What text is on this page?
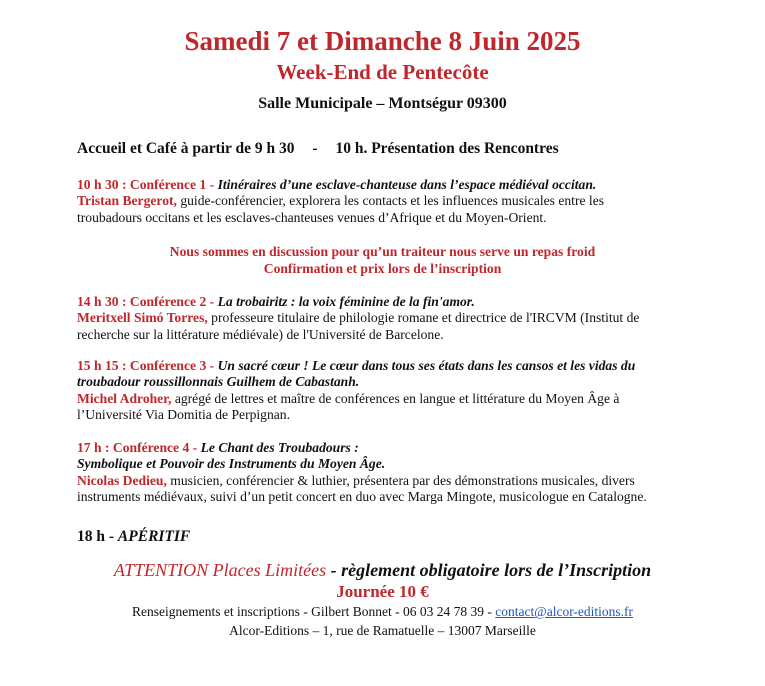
Samedi 7 et Dimanche 8 Juin 2025
Week-End de Pentecôte
Salle Municipale – Montségur 09300
Accueil et Café à partir de 9 h 30 - 10 h. Présentation des Rencontres
10 h 30 : Conférence 1 - Itinéraires d’une esclave-chanteuse dans l’espace médiéval occitan.
Tristan Bergerot, guide-conférencier, explorera les contacts et les influences musicales entre les
troubadours occitans et les esclaves-chanteuses venues d’Afrique et du Moyen-Orient.
Nous sommes en discussion pour qu’un traiteur nous serve un repas froid
Confirmation et prix lors de l’inscription
14 h 30 : Conférence 2 - La trobairitz : la voix féminine de la fin'amor.
Meritxell Simó Torres, professeure titulaire de philologie romane et directrice de l'IRCVM (Institut de
recherche sur la littérature médiévale) de l'Université de Barcelone.
15 h 15 : Conférence 3 - Un sacré cœur ! Le cœur dans tous ses états dans les cansos et les vidas du
troubadour roussillonnais Guilhem de Cabastanh.
Michel Adroher, agrégé de lettres et maître de conférences en langue et littérature du Moyen Âge à
l’Université Via Domitia de Perpignan.
17 h : Conférence 4 - Le Chant des Troubadours :
Symbolique et Pouvoir des Instruments du Moyen Âge.
Nicolas Dedieu, musicien, conférencier & luthier, présentera par des démonstrations musicales, divers
instruments médiévaux, suivi d’un petit concert en duo avec Marga Mingote, musicologue en Catalogne.
18 h - APÉRITIF
ATTENTION Places Limitées - règlement obligatoire lors de l’Inscription
Journée 10 €
Renseignements et inscriptions - Gilbert Bonnet - 06 03 24 78 39 - contact@alcor-editions.fr
Alcor-Editions – 1, rue de Ramatuelle – 13007 Marseille
